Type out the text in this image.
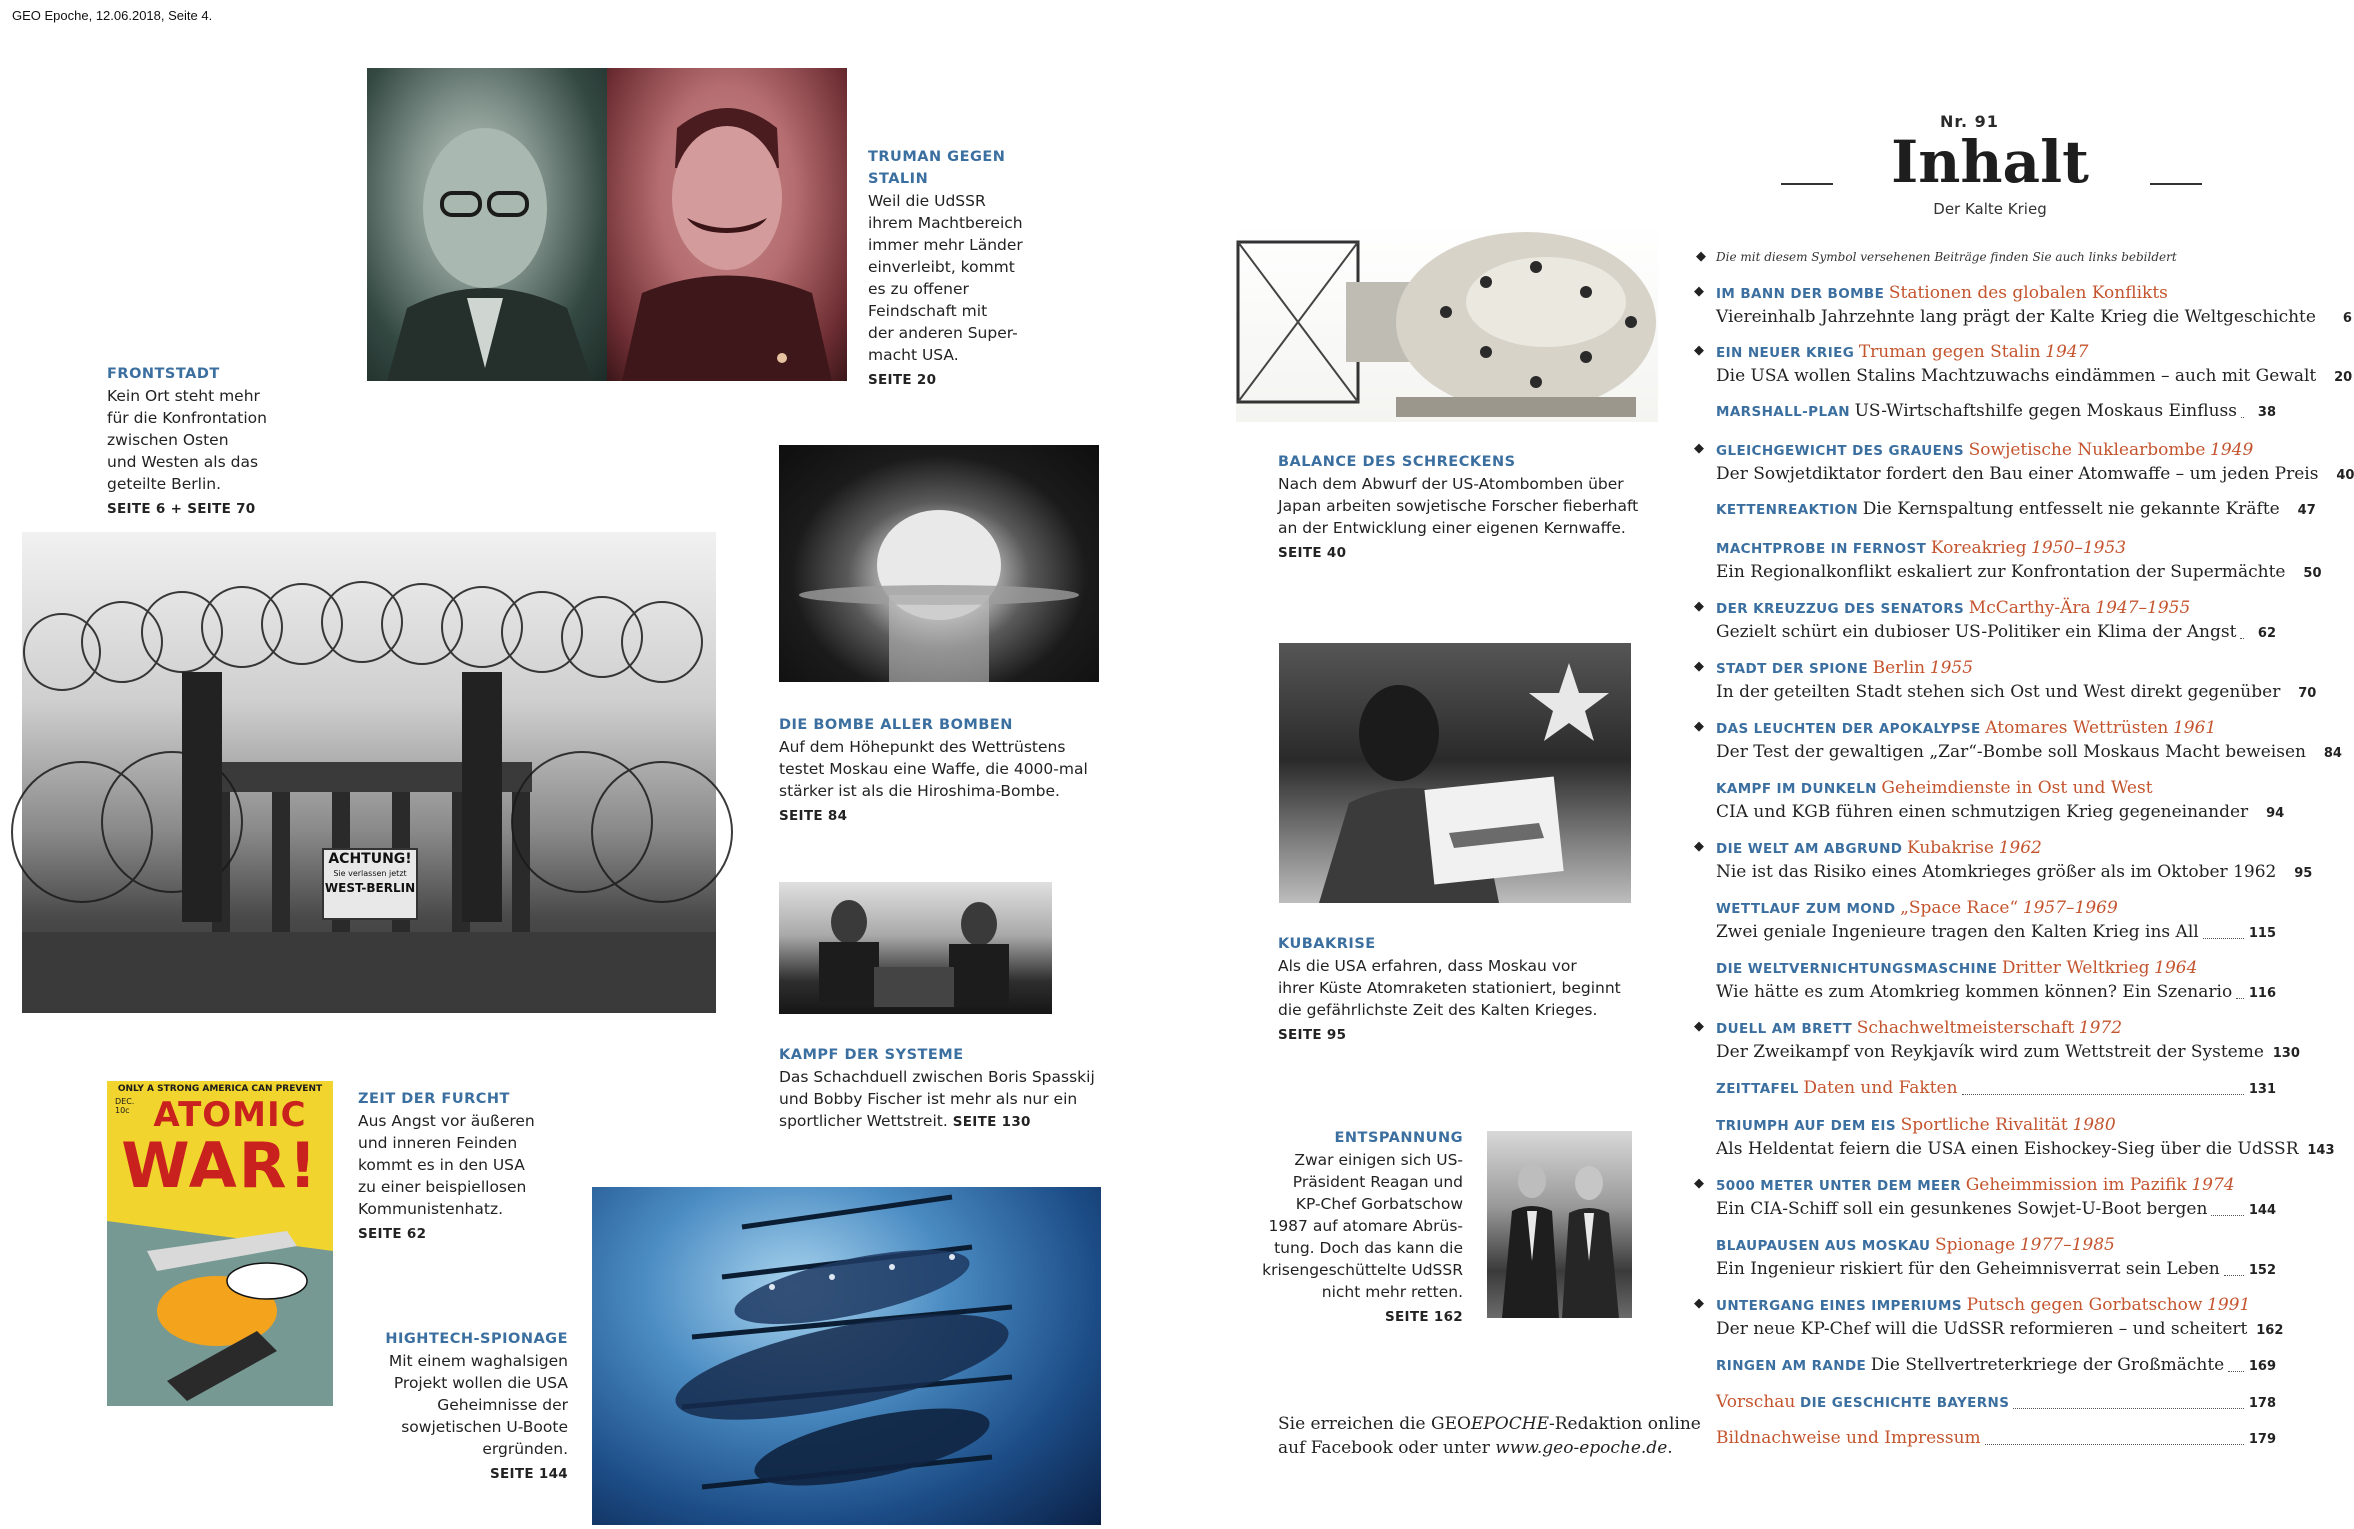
GEO Epoche, 12.06.2018, Seite 4.
TRUMAN GEGEN
STALIN
Weil die UdSSR
ihrem Machtbereich
immer mehr Länder
einverleibt, kommt
es zu offener
Feindschaft mit
der anderen Super-
macht USA.
SEITE 20
FRONTSTADT
Kein Ort steht mehr
für die Konfrontation
zwischen Osten
und Westen als das
geteilte Berlin.
SEITE 6 + SEITE 70
ACHTUNG!
Sie verlassen jetzt
WEST-BERLIN
DIE BOMBE ALLER BOMBEN
Auf dem Höhepunkt des Wettrüstens
testet Moskau eine Waffe, die 4000-mal
stärker ist als die Hiroshima-Bombe.
SEITE 84
KAMPF DER SYSTEME
Das Schachduell zwischen Boris Spasskij
und Bobby Fischer ist mehr als nur ein
sportlicher Wettstreit. SEITE 130
ONLY A STRONG AMERICA CAN PREVENT
DEC. 10c ATOMIC
WAR!
ZEIT DER FURCHT
Aus Angst vor äußeren
und inneren Feinden
kommt es in den USA
zu einer beispiellosen
Kommunistenhatz.
SEITE 62
HIGHTECH-SPIONAGE
Mit einem waghalsigen
Projekt wollen die USA
Geheimnisse der
sowjetischen U-Boote
ergründen.
SEITE 144
BALANCE DES SCHRECKENS
Nach dem Abwurf der US-Atombomben über
Japan arbeiten sowjetische Forscher fieberhaft
an der Entwicklung einer eigenen Kernwaffe.
SEITE 40
KUBAKRISE
Als die USA erfahren, dass Moskau vor
ihrer Küste Atomraketen stationiert, beginnt
die gefährlichste Zeit des Kalten Krieges.
SEITE 95
ENTSPANNUNG
Zwar einigen sich US-
Präsident Reagan und
KP-Chef Gorbatschow
1987 auf atomare Abrüs-
tung. Doch das kann die
krisengeschüttelte UdSSR
nicht mehr retten.
SEITE 162
Sie erreichen die GEOEPOCHE-Redaktion online
auf Facebook oder unter www.geo-epoche.de.
Nr. 91
Inhalt
Der Kalte Krieg
◆ Die mit diesem Symbol versehenen Beiträge finden Sie auch links bebildert
◆ IM BANN DER BOMBE Stationen des globalen Konflikts
Viereinhalb Jahrzehnte lang prägt der Kalte Krieg die Weltgeschichte	6
◆ EIN NEUER KRIEG Truman gegen Stalin 1947
Die USA wollen Stalins Machtzuwachs eindämmen – auch mit Gewalt	20
MARSHALL-PLAN
US-Wirtschaftshilfe gegen Moskaus Einfluss	38
◆ GLEICHGEWICHT DES GRAUENS Sowjetische Nuklearbombe 1949
Der Sowjetdiktator fordert den Bau einer Atomwaffe – um jeden Preis	40
KETTENREAKTION
Die Kernspaltung entfesselt nie gekannte Kräfte	47
MACHTPROBE IN FERNOST Koreakrieg 1950–1953
Ein Regionalkonflikt eskaliert zur Konfrontation der Supermächte	50
◆ DER KREUZZUG DES SENATORS McCarthy-Ära 1947–1955
Gezielt schürt ein dubioser US-Politiker ein Klima der Angst	62
◆ STADT DER SPIONE Berlin 1955
In der geteilten Stadt stehen sich Ost und West direkt gegenüber	70
◆ DAS LEUCHTEN DER APOKALYPSE Atomares Wettrüsten 1961
Der Test der gewaltigen „Zar“-Bombe soll Moskaus Macht beweisen	84
KAMPF IM DUNKELN Geheimdienste in Ost und West
CIA und KGB führen einen schmutzigen Krieg gegeneinander	94
◆ DIE WELT AM ABGRUND Kubakrise 1962
Nie ist das Risiko eines Atomkrieges größer als im Oktober 1962	95
WETTLAUF ZUM MOND „Space Race“ 1957–1969
Zwei geniale Ingenieure tragen den Kalten Krieg ins All	115
DIE WELTVERNICHTUNGSMASCHINE Dritter Weltkrieg 1964
Wie hätte es zum Atomkrieg kommen können? Ein Szenario 116
◆ DUELL AM BRETT Schachweltmeisterschaft 1972
Der Zweikampf von Reykjavík wird zum Wettstreit der Systeme 130
ZEITTAFEL
Daten und Fakten	131
TRIUMPH AUF DEM EIS Sportliche Rivalität 1980
Als Heldentat feiern die USA einen Eishockey-Sieg über die UdSSR 143
◆ 5000 METER UNTER DEM MEER Geheimmission im Pazifik 1974
Ein CIA-Schiff soll ein gesunkenes Sowjet-U-Boot bergen	144
BLAUPAUSEN AUS MOSKAU Spionage 1977–1985
Ein Ingenieur riskiert für den Geheimnisverrat sein Leben 152
◆ UNTERGANG EINES IMPERIUMS Putsch gegen Gorbatschow 1991
Der neue KP-Chef will die UdSSR reformieren – und scheitert 162
RINGEN AM RANDE
Die Stellvertreterkriege der Großmächte 169
Vorschau
DIE GESCHICHTE BAYERNS	178
Bildnachweise und Impressum	179
